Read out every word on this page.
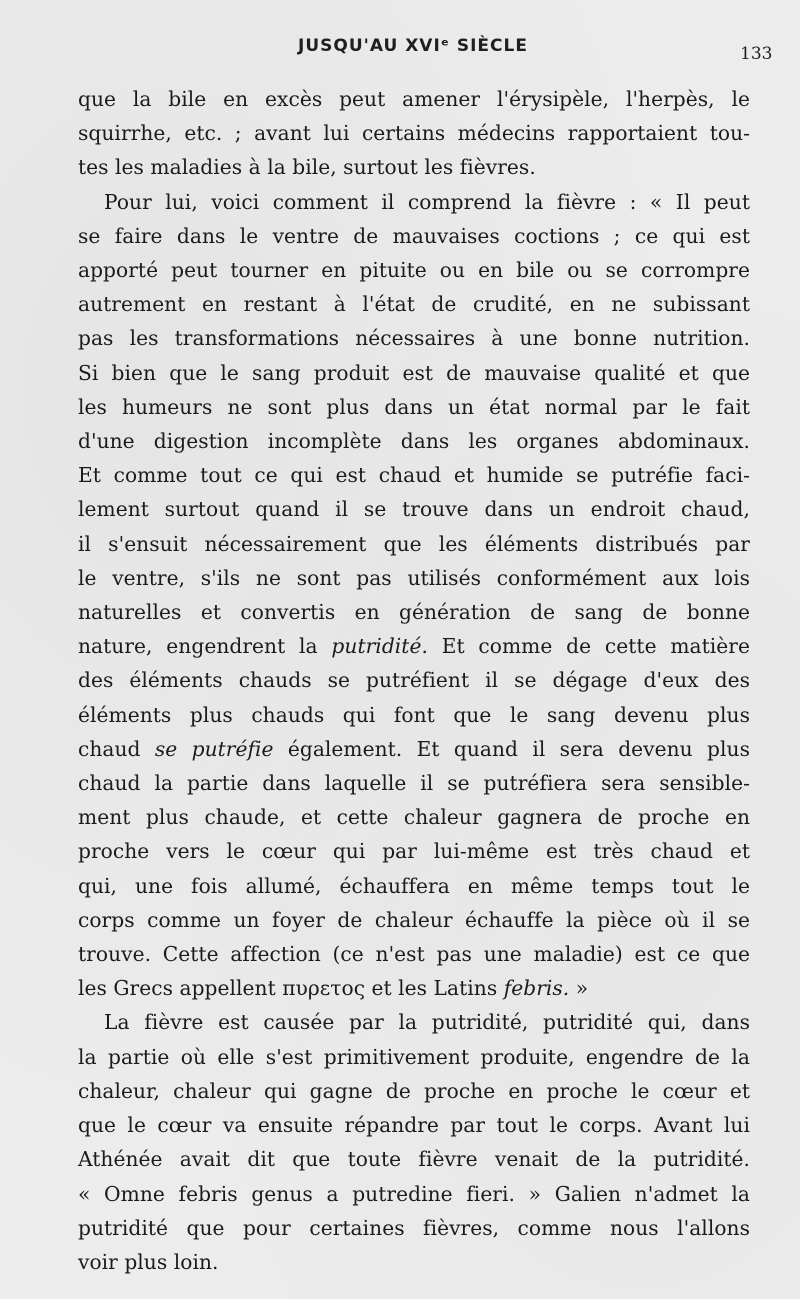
JUSQU'AU XVIᵉ SIÈCLE	133

que la bile en excès peut amener l'érysipèle, l'herpès, le
squirrhe, etc. ; avant lui certains médecins rapportaient tou-
tes les maladies à la bile, surtout les fièvres.

Pour lui, voici comment il comprend la fièvre : « Il peut
se faire dans le ventre de mauvaises coctions ; ce qui est
apporté peut tourner en pituite ou en bile ou se corrompre
autrement en restant à l'état de crudité, en ne subissant
pas les transformations nécessaires à une bonne nutrition.
Si bien que le sang produit est de mauvaise qualité et que
les humeurs ne sont plus dans un état normal par le fait
d'une digestion incomplète dans les organes abdominaux.
Et comme tout ce qui est chaud et humide se putréfie faci-
lement surtout quand il se trouve dans un endroit chaud,
il s'ensuit nécessairement que les éléments distribués par
le ventre, s'ils ne sont pas utilisés conformément aux lois
naturelles et convertis en génération de sang de bonne
nature, engendrent la putridité. Et comme de cette matière
des éléments chauds se putréfient il se dégage d'eux des
éléments plus chauds qui font que le sang devenu plus
chaud se putréfie également. Et quand il sera devenu plus
chaud la partie dans laquelle il se putréfiera sera sensible-
ment plus chaude, et cette chaleur gagnera de proche en
proche vers le cœur qui par lui-même est très chaud et
qui, une fois allumé, échauffera en même temps tout le
corps comme un foyer de chaleur échauffe la pièce où il se
trouve. Cette affection (ce n'est pas une maladie) est ce que
les Grecs appellent πυρετος et les Latins febris. »

La fièvre est causée par la putridité, putridité qui, dans
la partie où elle s'est primitivement produite, engendre de la
chaleur, chaleur qui gagne de proche en proche le cœur et
que le cœur va ensuite répandre par tout le corps. Avant lui
Athénée avait dit que toute fièvre venait de la putridité.
« Omne febris genus a putredine fieri. » Galien n'admet la
putridité que pour certaines fièvres, comme nous l'allons
voir plus loin.
